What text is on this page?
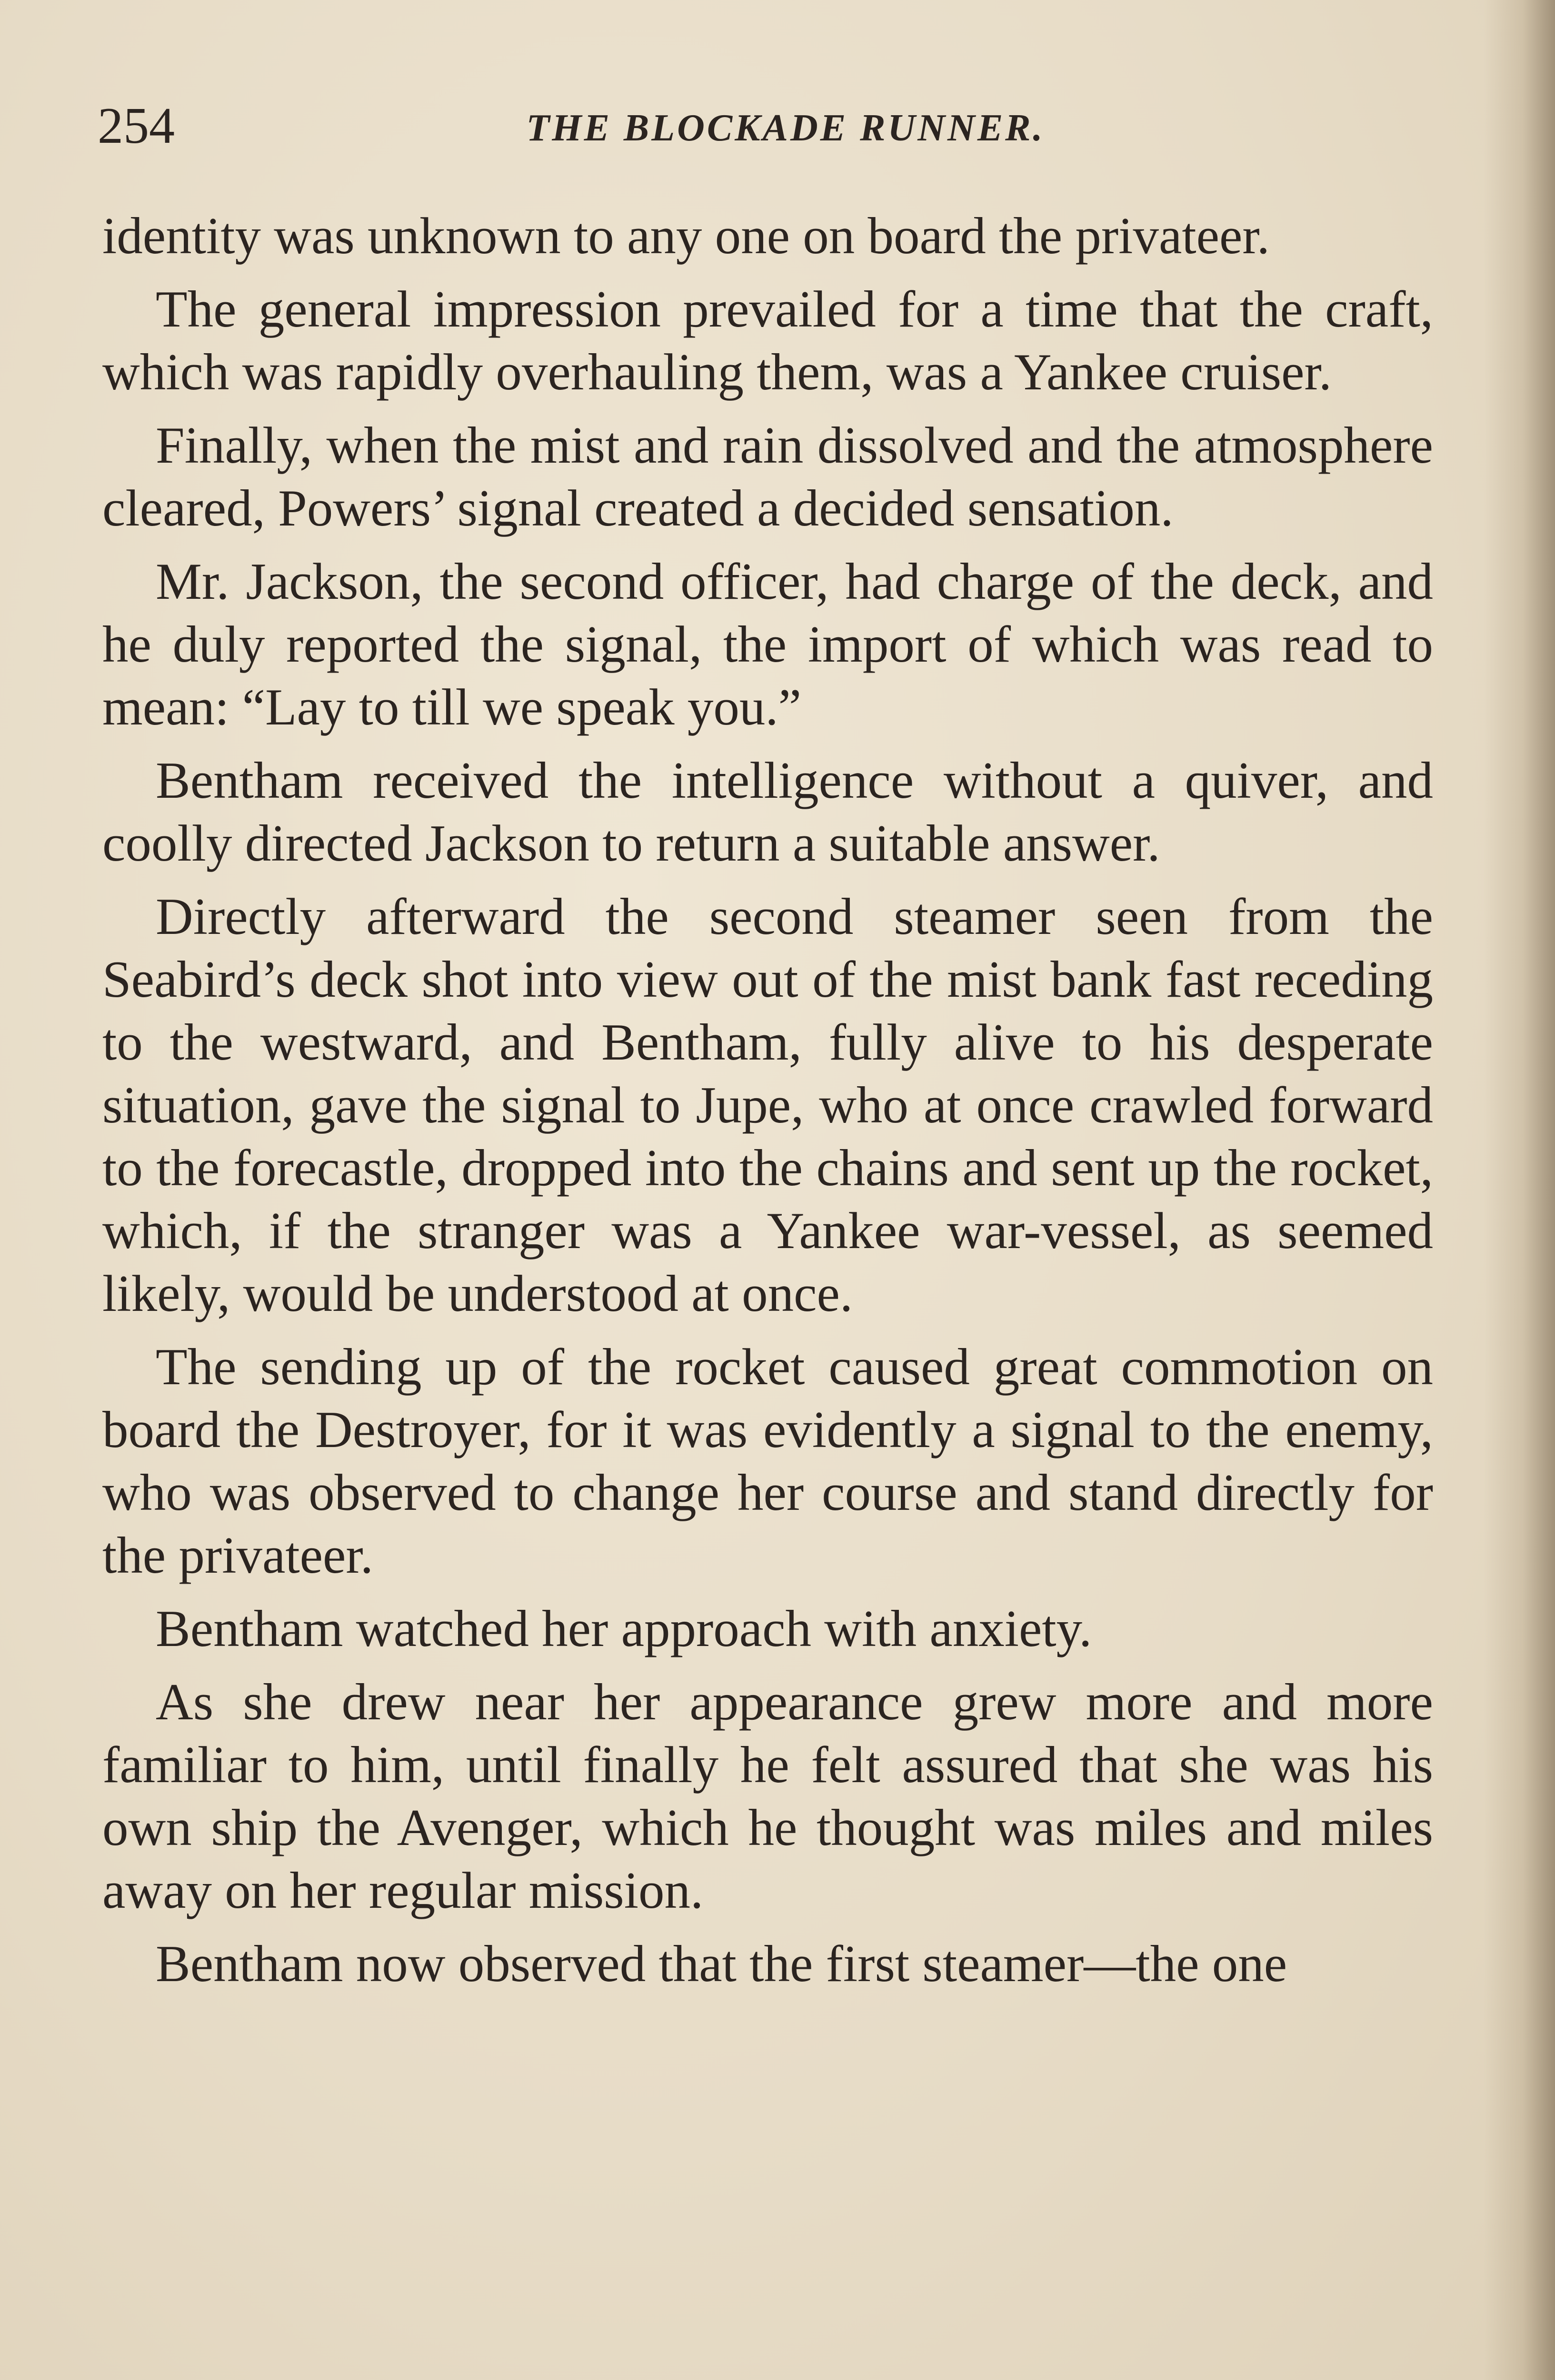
254	THE BLOCKADE RUNNER.

identity was unknown to any one on board the privateer.

The general impression prevailed for a time that the craft, which was rapidly overhauling them, was a Yankee cruiser.

Finally, when the mist and rain dissolved and the atmosphere cleared, Powers’ signal created a decided sensation.

Mr. Jackson, the second officer, had charge of the deck, and he duly reported the signal, the import of which was read to mean: “Lay to till we speak you.”

Bentham received the intelligence without a quiver, and coolly directed Jackson to return a suitable answer.

Directly afterward the second steamer seen from the Seabird’s deck shot into view out of the mist bank fast receding to the westward, and Bentham, fully alive to his desperate situation, gave the signal to Jupe, who at once crawled forward to the forecastle, dropped into the chains and sent up the rocket, which, if the stranger was a Yankee war-vessel, as seemed likely, would be understood at once.

The sending up of the rocket caused great commotion on board the Destroyer, for it was evidently a signal to the enemy, who was observed to change her course and stand directly for the privateer.

Bentham watched her approach with anxiety.

As she drew near her appearance grew more and more familiar to him, until finally he felt assured that she was his own ship the Avenger, which he thought was miles and miles away on her regular mission.

Bentham now observed that the first steamer—the one
